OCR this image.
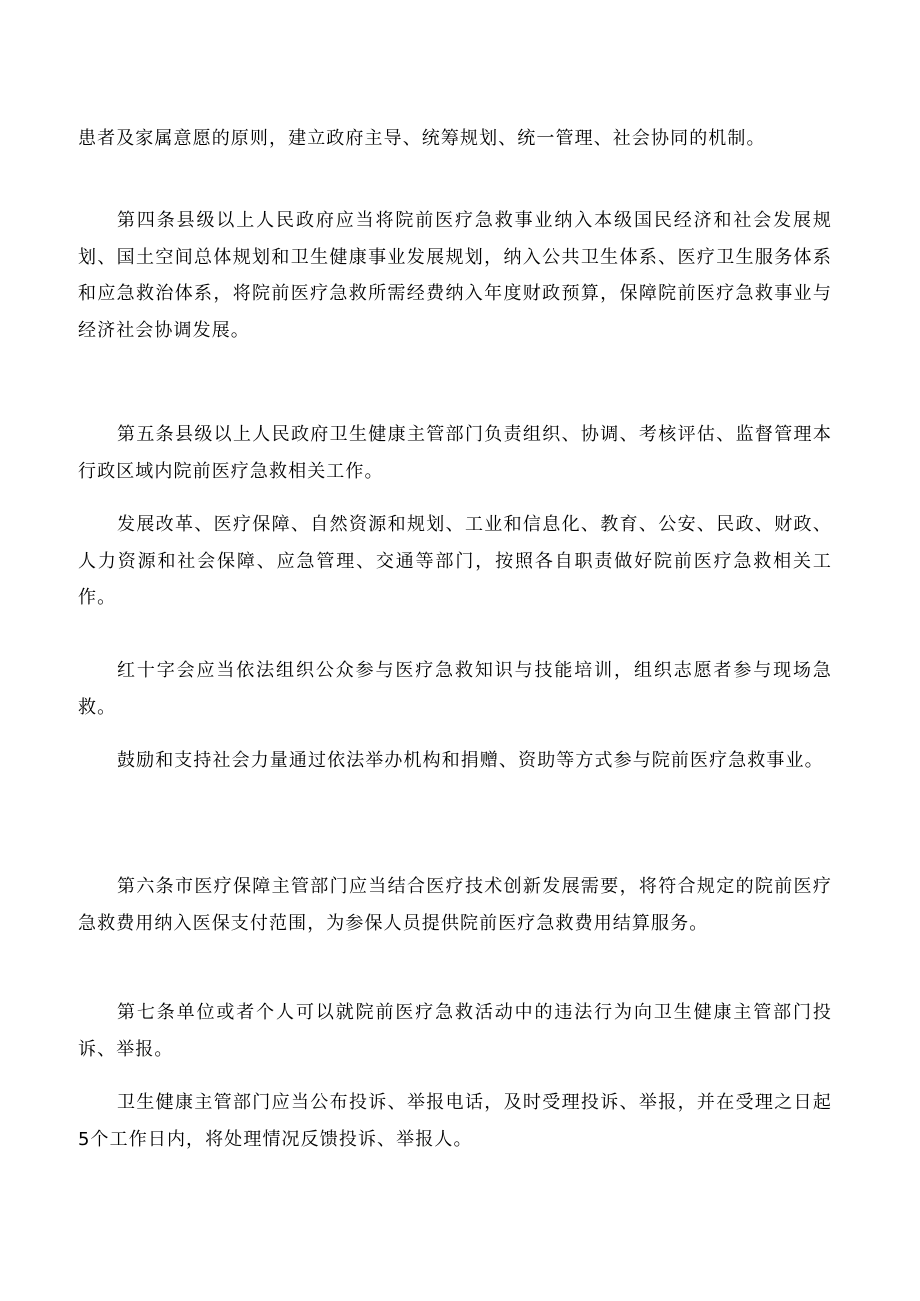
患者及家属意愿的原则，建立政府主导、统筹规划、统一管理、社会协同的机制。

第四条县级以上人民政府应当将院前医疗急救事业纳入本级国民经济和社会发展规划、国土空间总体规划和卫生健康事业发展规划，纳入公共卫生体系、医疗卫生服务体系和应急救治体系，将院前医疗急救所需经费纳入年度财政预算，保障院前医疗急救事业与经济社会协调发展。

第五条县级以上人民政府卫生健康主管部门负责组织、协调、考核评估、监督管理本行政区域内院前医疗急救相关工作。

发展改革、医疗保障、自然资源和规划、工业和信息化、教育、公安、民政、财政、人力资源和社会保障、应急管理、交通等部门，按照各自职责做好院前医疗急救相关工作。

红十字会应当依法组织公众参与医疗急救知识与技能培训，组织志愿者参与现场急救。

鼓励和支持社会力量通过依法举办机构和捐赠、资助等方式参与院前医疗急救事业。

第六条市医疗保障主管部门应当结合医疗技术创新发展需要，将符合规定的院前医疗急救费用纳入医保支付范围，为参保人员提供院前医疗急救费用结算服务。

第七条单位或者个人可以就院前医疗急救活动中的违法行为向卫生健康主管部门投诉、举报。

卫生健康主管部门应当公布投诉、举报电话，及时受理投诉、举报，并在受理之日起5个工作日内，将处理情况反馈投诉、举报人。
